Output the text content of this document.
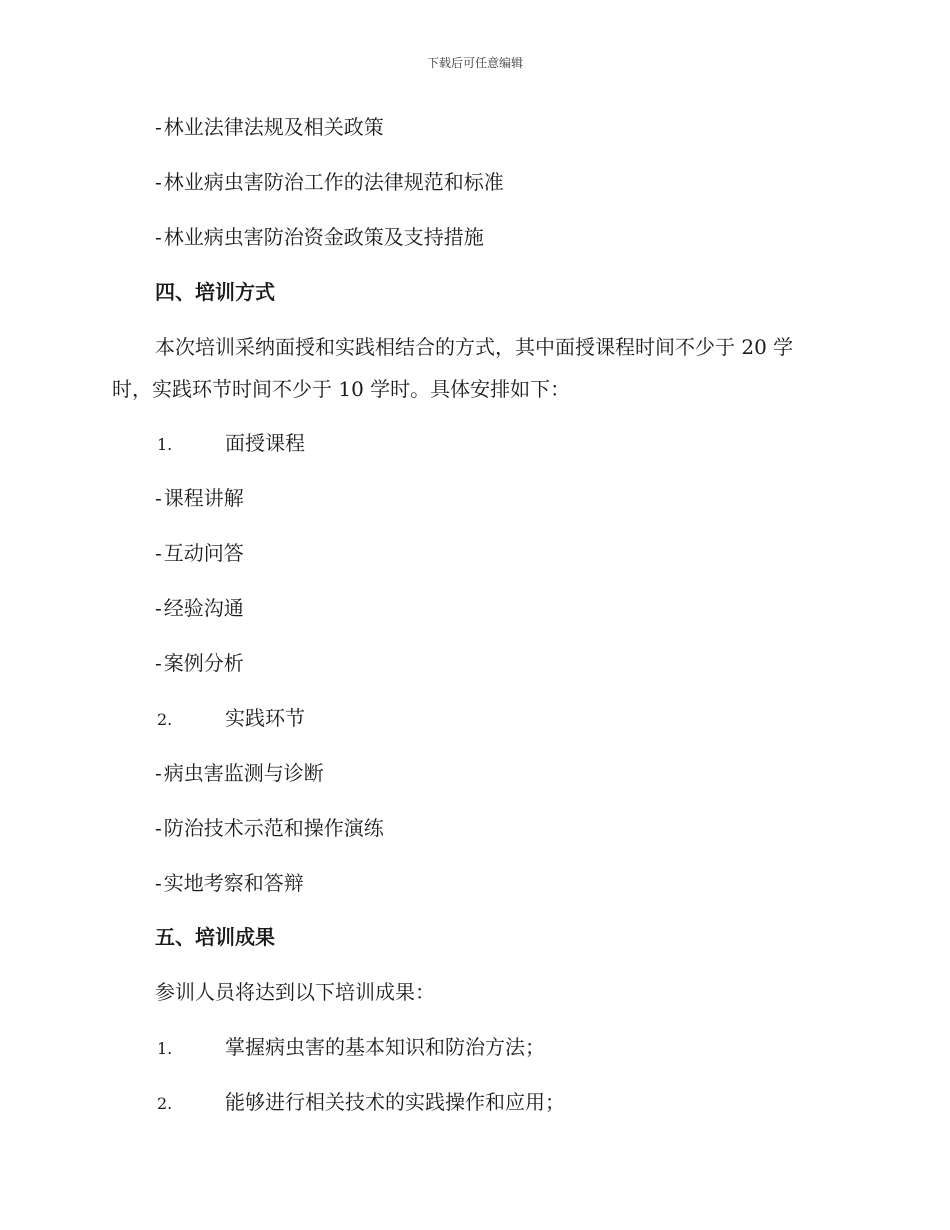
下载后可任意编辑
- 林业法律法规及相关政策
- 林业病虫害防治工作的法律规范和标准
- 林业病虫害防治资金政策及支持措施
四、培训方式
本次培训采纳面授和实践相结合的方式，其中面授课程时间不少于 20 学
时，实践环节时间不少于 10 学时。具体安排如下：
1.	面授课程
- 课程讲解
- 互动问答
- 经验沟通
- 案例分析
2.	实践环节
- 病虫害监测与诊断
- 防治技术示范和操作演练
- 实地考察和答辩
五、培训成果
参训人员将达到以下培训成果：
1.	掌握病虫害的基本知识和防治方法；
2.	能够进行相关技术的实践操作和应用；
